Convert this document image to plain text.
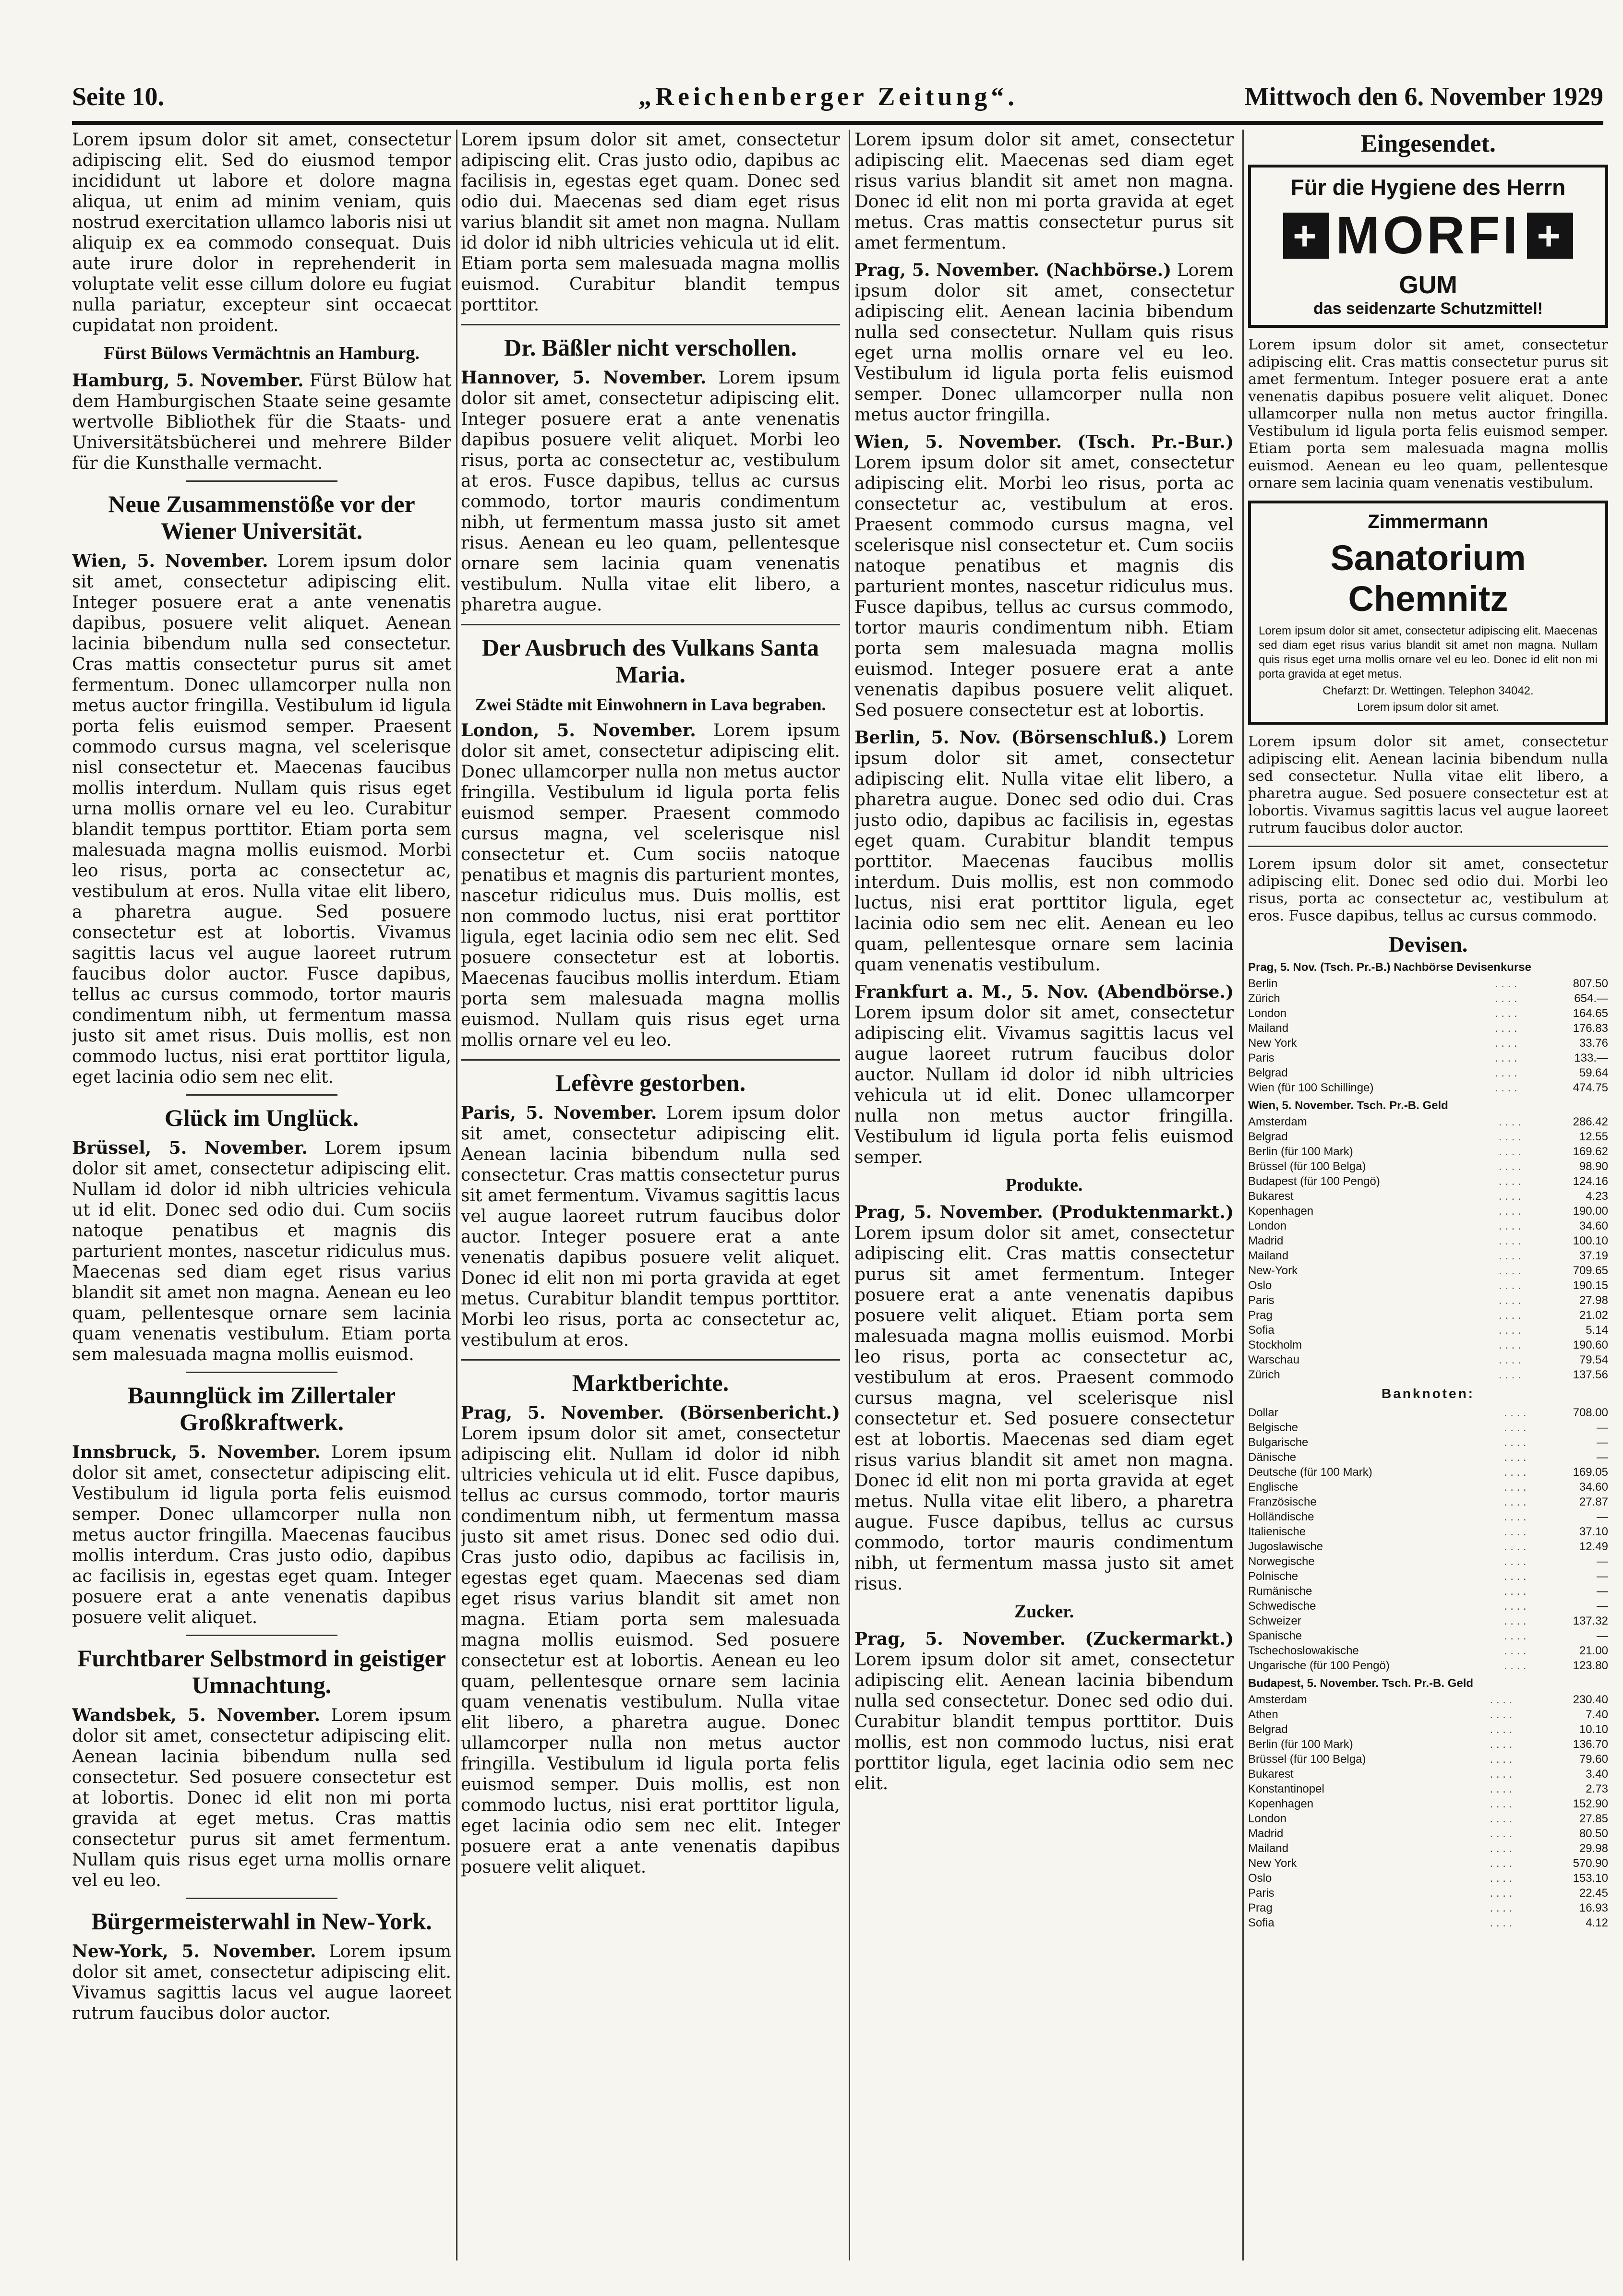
Seite 10.	„Reichenberger Zeitung“.	Mittwoch den 6. November 1929

Lorem ipsum dolor sit amet, consectetur adipiscing elit. Sed do eiusmod tempor incididunt ut labore et dolore magna aliqua, ut enim ad minim veniam, quis nostrud exercitation ullamco laboris nisi ut aliquip ex ea commodo consequat. Duis aute irure dolor in reprehenderit in voluptate velit esse cillum dolore eu fugiat nulla pariatur, excepteur sint occaecat cupidatat non proident.

Fürst Bülows Vermächtnis an Hamburg.

Hamburg, 5. November. Fürst Bülow hat dem Hamburgischen Staate seine gesamte wertvolle Bibliothek für die Staats- und Universitätsbücherei und mehrere Bilder für die Kunsthalle vermacht.

Neue Zusammenstöße vor der Wiener Universität.

Wien, 5. November. Lorem ipsum dolor sit amet, consectetur adipiscing elit. Integer posuere erat a ante venenatis dapibus, posuere velit aliquet. Aenean lacinia bibendum nulla sed consectetur. Cras mattis consectetur purus sit amet fermentum. Donec ullamcorper nulla non metus auctor fringilla. Vestibulum id ligula porta felis euismod semper. Praesent commodo cursus magna, vel scelerisque nisl consectetur et. Maecenas faucibus mollis interdum. Nullam quis risus eget urna mollis ornare vel eu leo. Curabitur blandit tempus porttitor. Etiam porta sem malesuada magna mollis euismod. Morbi leo risus, porta ac consectetur ac, vestibulum at eros. Nulla vitae elit libero, a pharetra augue. Sed posuere consectetur est at lobortis. Vivamus sagittis lacus vel augue laoreet rutrum faucibus dolor auctor. Fusce dapibus, tellus ac cursus commodo, tortor mauris condimentum nibh, ut fermentum massa justo sit amet risus. Duis mollis, est non commodo luctus, nisi erat porttitor ligula, eget lacinia odio sem nec elit.

Glück im Unglück.

Brüssel, 5. November. Lorem ipsum dolor sit amet, consectetur adipiscing elit. Nullam id dolor id nibh ultricies vehicula ut id elit. Donec sed odio dui. Cum sociis natoque penatibus et magnis dis parturient montes, nascetur ridiculus mus. Maecenas sed diam eget risus varius blandit sit amet non magna. Aenean eu leo quam, pellentesque ornare sem lacinia quam venenatis vestibulum. Etiam porta sem malesuada magna mollis euismod.

Baunnglück im Zillertaler Großkraftwerk.

Innsbruck, 5. November. Lorem ipsum dolor sit amet, consectetur adipiscing elit. Vestibulum id ligula porta felis euismod semper. Donec ullamcorper nulla non metus auctor fringilla. Maecenas faucibus mollis interdum. Cras justo odio, dapibus ac facilisis in, egestas eget quam. Integer posuere erat a ante venenatis dapibus posuere velit aliquet.

Furchtbarer Selbstmord in geistiger Umnachtung.

Wandsbek, 5. November. Lorem ipsum dolor sit amet, consectetur adipiscing elit. Aenean lacinia bibendum nulla sed consectetur. Sed posuere consectetur est at lobortis. Donec id elit non mi porta gravida at eget metus. Cras mattis consectetur purus sit amet fermentum. Nullam quis risus eget urna mollis ornare vel eu leo.

Bürgermeisterwahl in New-York.

New-York, 5. November. Lorem ipsum dolor sit amet, consectetur adipiscing elit. Vivamus sagittis lacus vel augue laoreet rutrum faucibus dolor auctor.

Lorem ipsum dolor sit amet, consectetur adipiscing elit. Cras justo odio, dapibus ac facilisis in, egestas eget quam. Donec sed odio dui. Maecenas sed diam eget risus varius blandit sit amet non magna. Nullam id dolor id nibh ultricies vehicula ut id elit. Etiam porta sem malesuada magna mollis euismod. Curabitur blandit tempus porttitor.

Dr. Bäßler nicht verschollen.

Hannover, 5. November. Lorem ipsum dolor sit amet, consectetur adipiscing elit. Integer posuere erat a ante venenatis dapibus posuere velit aliquet. Morbi leo risus, porta ac consectetur ac, vestibulum at eros. Fusce dapibus, tellus ac cursus commodo, tortor mauris condimentum nibh, ut fermentum massa justo sit amet risus. Aenean eu leo quam, pellentesque ornare sem lacinia quam venenatis vestibulum. Nulla vitae elit libero, a pharetra augue.

Der Ausbruch des Vulkans Santa Maria.
Zwei Städte mit Einwohnern in Lava begraben.

London, 5. November. Lorem ipsum dolor sit amet, consectetur adipiscing elit. Donec ullamcorper nulla non metus auctor fringilla. Vestibulum id ligula porta felis euismod semper. Praesent commodo cursus magna, vel scelerisque nisl consectetur et. Cum sociis natoque penatibus et magnis dis parturient montes, nascetur ridiculus mus. Duis mollis, est non commodo luctus, nisi erat porttitor ligula, eget lacinia odio sem nec elit. Sed posuere consectetur est at lobortis. Maecenas faucibus mollis interdum. Etiam porta sem malesuada magna mollis euismod. Nullam quis risus eget urna mollis ornare vel eu leo.

Lefèvre gestorben.

Paris, 5. November. Lorem ipsum dolor sit amet, consectetur adipiscing elit. Aenean lacinia bibendum nulla sed consectetur. Cras mattis consectetur purus sit amet fermentum. Vivamus sagittis lacus vel augue laoreet rutrum faucibus dolor auctor. Integer posuere erat a ante venenatis dapibus posuere velit aliquet. Donec id elit non mi porta gravida at eget metus. Curabitur blandit tempus porttitor. Morbi leo risus, porta ac consectetur ac, vestibulum at eros.

Marktberichte.

Prag, 5. November. (Börsenbericht.) Lorem ipsum dolor sit amet, consectetur adipiscing elit. Nullam id dolor id nibh ultricies vehicula ut id elit. Fusce dapibus, tellus ac cursus commodo, tortor mauris condimentum nibh, ut fermentum massa justo sit amet risus. Donec sed odio dui. Cras justo odio, dapibus ac facilisis in, egestas eget quam. Maecenas sed diam eget risus varius blandit sit amet non magna. Etiam porta sem malesuada magna mollis euismod. Sed posuere consectetur est at lobortis. Aenean eu leo quam, pellentesque ornare sem lacinia quam venenatis vestibulum. Nulla vitae elit libero, a pharetra augue. Donec ullamcorper nulla non metus auctor fringilla. Vestibulum id ligula porta felis euismod semper. Duis mollis, est non commodo luctus, nisi erat porttitor ligula, eget lacinia odio sem nec elit. Integer posuere erat a ante venenatis dapibus posuere velit aliquet.

Lorem ipsum dolor sit amet, consectetur adipiscing elit. Maecenas sed diam eget risus varius blandit sit amet non magna. Donec id elit non mi porta gravida at eget metus. Cras mattis consectetur purus sit amet fermentum.

Prag, 5. November. (Nachbörse.) Lorem ipsum dolor sit amet, consectetur adipiscing elit. Aenean lacinia bibendum nulla sed consectetur. Nullam quis risus eget urna mollis ornare vel eu leo. Vestibulum id ligula porta felis euismod semper. Donec ullamcorper nulla non metus auctor fringilla.

Wien, 5. November. (Tsch. Pr.-Bur.) Lorem ipsum dolor sit amet, consectetur adipiscing elit. Morbi leo risus, porta ac consectetur ac, vestibulum at eros. Praesent commodo cursus magna, vel scelerisque nisl consectetur et. Cum sociis natoque penatibus et magnis dis parturient montes, nascetur ridiculus mus. Fusce dapibus, tellus ac cursus commodo, tortor mauris condimentum nibh. Etiam porta sem malesuada magna mollis euismod. Integer posuere erat a ante venenatis dapibus posuere velit aliquet. Sed posuere consectetur est at lobortis.

Berlin, 5. Nov. (Börsenschluß.) Lorem ipsum dolor sit amet, consectetur adipiscing elit. Nulla vitae elit libero, a pharetra augue. Donec sed odio dui. Cras justo odio, dapibus ac facilisis in, egestas eget quam. Curabitur blandit tempus porttitor. Maecenas faucibus mollis interdum. Duis mollis, est non commodo luctus, nisi erat porttitor ligula, eget lacinia odio sem nec elit. Aenean eu leo quam, pellentesque ornare sem lacinia quam venenatis vestibulum.

Frankfurt a. M., 5. Nov. (Abendbörse.) Lorem ipsum dolor sit amet, consectetur adipiscing elit. Vivamus sagittis lacus vel augue laoreet rutrum faucibus dolor auctor. Nullam id dolor id nibh ultricies vehicula ut id elit. Donec ullamcorper nulla non metus auctor fringilla. Vestibulum id ligula porta felis euismod semper.

Produkte.

Prag, 5. November. (Produktenmarkt.) Lorem ipsum dolor sit amet, consectetur adipiscing elit. Cras mattis consectetur purus sit amet fermentum. Integer posuere erat a ante venenatis dapibus posuere velit aliquet. Etiam porta sem malesuada magna mollis euismod. Morbi leo risus, porta ac consectetur ac, vestibulum at eros. Praesent commodo cursus magna, vel scelerisque nisl consectetur et. Sed posuere consectetur est at lobortis. Maecenas sed diam eget risus varius blandit sit amet non magna. Donec id elit non mi porta gravida at eget metus. Nulla vitae elit libero, a pharetra augue. Fusce dapibus, tellus ac cursus commodo, tortor mauris condimentum nibh, ut fermentum massa justo sit amet risus.

Zucker.

Prag, 5. November. (Zuckermarkt.) Lorem ipsum dolor sit amet, consectetur adipiscing elit. Aenean lacinia bibendum nulla sed consectetur. Donec sed odio dui. Curabitur blandit tempus porttitor. Duis mollis, est non commodo luctus, nisi erat porttitor ligula, eget lacinia odio sem nec elit.

Eingesendet.
Für die Hygiene des Herrn
+ MORFI +
GUM
das seidenzarte Schutzmittel!

Lorem ipsum dolor sit amet, consectetur adipiscing elit. Cras mattis consectetur purus sit amet fermentum. Integer posuere erat a ante venenatis dapibus posuere velit aliquet. Donec ullamcorper nulla non metus auctor fringilla. Vestibulum id ligula porta felis euismod semper. Etiam porta sem malesuada magna mollis euismod. Aenean eu leo quam, pellentesque ornare sem lacinia quam venenatis vestibulum.

Zimmermann
Sanatorium Chemnitz
Lorem ipsum dolor sit amet, consectetur adipiscing elit. Maecenas sed diam eget risus varius blandit sit amet non magna. Nullam quis risus eget urna mollis ornare vel eu leo. Donec id elit non mi porta gravida at eget metus.
Chefarzt: Dr. Wettingen. Telephon 34042.
Lorem ipsum dolor sit amet.

Lorem ipsum dolor sit amet, consectetur adipiscing elit. Aenean lacinia bibendum nulla sed consectetur. Nulla vitae elit libero, a pharetra augue. Sed posuere consectetur est at lobortis. Vivamus sagittis lacus vel augue laoreet rutrum faucibus dolor auctor.

Lorem ipsum dolor sit amet, consectetur adipiscing elit. Donec sed odio dui. Morbi leo risus, porta ac consectetur ac, vestibulum at eros. Fusce dapibus, tellus ac cursus commodo.

Devisen.
Prag, 5. Nov. (Tsch. Pr.-B.) Nachbörse Devisenkurse
Berlin	. . . .	807.50
Zürich	. . . .	654.—
London	. . . .	164.65
Mailand	. . . .	176.83
New York	. . . .	33.76
Paris	. . . .	133.—
Belgrad	. . . .	59.64
Wien (für 100 Schillinge)	. . . .	474.75
Wien, 5. November. Tsch. Pr.-B. Geld
Amsterdam	. . . .	286.42
Belgrad	. . . .	12.55
Berlin (für 100 Mark)	. . . .	169.62
Brüssel (für 100 Belga)	. . . .	98.90
Budapest (für 100 Pengö)	. . . .	124.16
Bukarest	. . . .	4.23
Kopenhagen	. . . .	190.00
London	. . . .	34.60
Madrid	. . . .	100.10
Mailand	. . . .	37.19
New-York	. . . .	709.65
Oslo	. . . .	190.15
Paris	. . . .	27.98
Prag	. . . .	21.02
Sofia	. . . .	5.14
Stockholm	. . . .	190.60
Warschau	. . . .	79.54
Zürich	. . . .	137.56
Banknoten:
Dollar	. . . .	708.00
Belgische	. . . .	—
Bulgarische	. . . .	—
Dänische	. . . .	—
Deutsche (für 100 Mark)	. . . .	169.05
Englische	. . . .	34.60
Französische	. . . .	27.87
Holländische	. . . .	—
Italienische	. . . .	37.10
Jugoslawische	. . . .	12.49
Norwegische	. . . .	—
Polnische	. . . .	—
Rumänische	. . . .	—
Schwedische	. . . .	—
Schweizer	. . . .	137.32
Spanische	. . . .	—
Tschechoslowakische	. . . .	21.00
Ungarische (für 100 Pengö)	. . . .	123.80
Budapest, 5. November. Tsch. Pr.-B. Geld
Amsterdam	. . . .	230.40
Athen	. . . .	7.40
Belgrad	. . . .	10.10
Berlin (für 100 Mark)	. . . .	136.70
Brüssel (für 100 Belga)	. . . .	79.60
Bukarest	. . . .	3.40
Konstantinopel	. . . .	2.73
Kopenhagen	. . . .	152.90
London	. . . .	27.85
Madrid	. . . .	80.50
Mailand	. . . .	29.98
New York	. . . .	570.90
Oslo	. . . .	153.10
Paris	. . . .	22.45
Prag	. . . .	16.93
Sofia	. . . .	4.12
